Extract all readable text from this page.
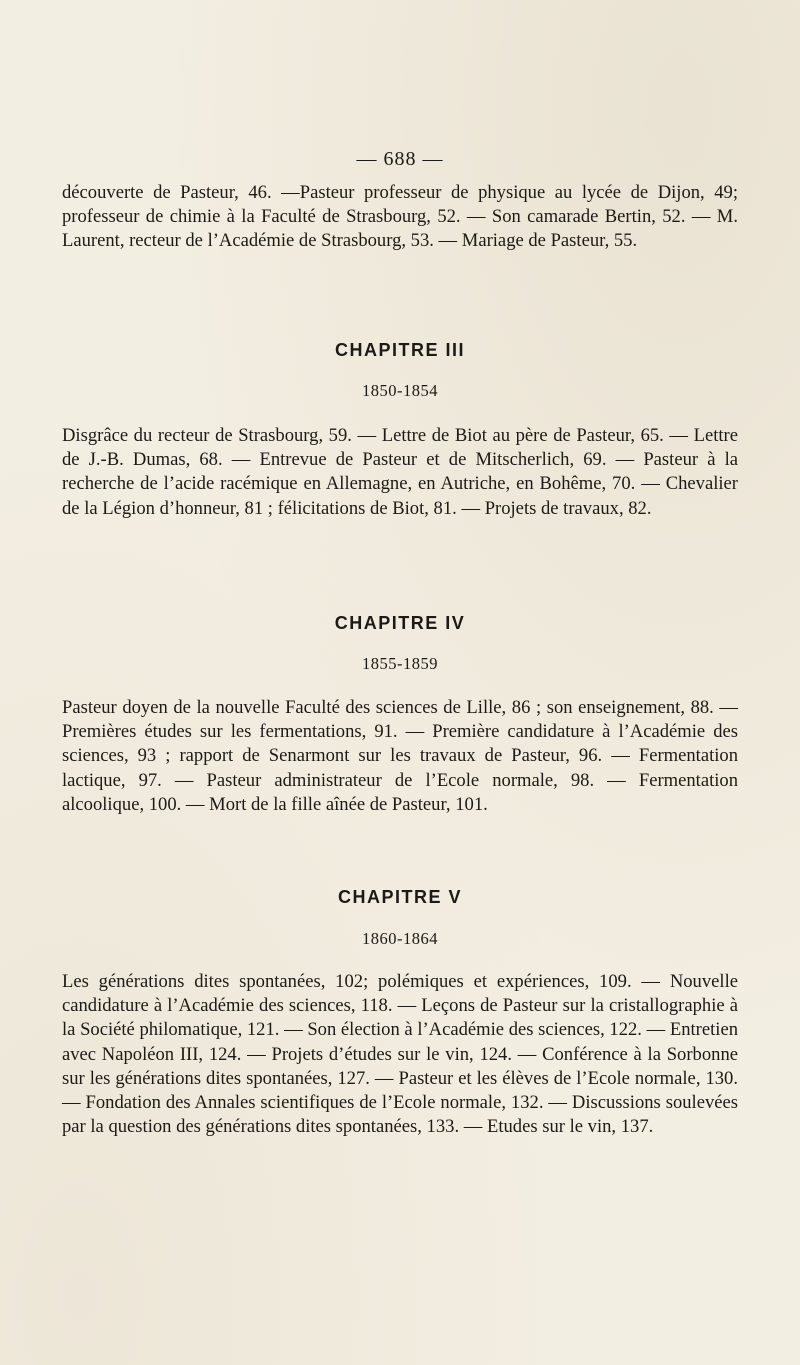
— 688 —

découverte de Pasteur, 46. —Pasteur professeur de physique au lycée de Dijon, 49; professeur de chimie à la Faculté de Strasbourg, 52. — Son camarade Bertin, 52. — M. Laurent, recteur de l’Académie de Strasbourg, 53. — Mariage de Pasteur, 55.

CHAPITRE III
1850-1854

Disgrâce du recteur de Strasbourg, 59. — Lettre de Biot au père de Pasteur, 65. — Lettre de J.-B. Dumas, 68. — Entrevue de Pasteur et de Mitscherlich, 69. — Pasteur à la recherche de l’acide racémique en Allemagne, en Autriche, en Bohême, 70. — Chevalier de la Légion d’honneur, 81 ; félicitations de Biot, 81. — Projets de travaux, 82.

CHAPITRE IV
1855-1859

Pasteur doyen de la nouvelle Faculté des sciences de Lille, 86 ; son enseignement, 88. — Premières études sur les fermentations, 91. — Première candidature à l’Académie des sciences, 93 ; rapport de Senarmont sur les travaux de Pasteur, 96. — Fermentation lactique, 97. — Pasteur administrateur de l’Ecole normale, 98. — Fermentation alcoolique, 100. — Mort de la fille aînée de Pasteur, 101.

CHAPITRE V
1860-1864

Les générations dites spontanées, 102; polémiques et expériences, 109. — Nouvelle candidature à l’Académie des sciences, 118. — Leçons de Pasteur sur la cristallographie à la Société philomatique, 121. — Son élection à l’Académie des sciences, 122. — Entretien avec Napoléon III, 124. — Projets d’études sur le vin, 124. — Conférence à la Sorbonne sur les générations dites spontanées, 127. — Pasteur et les élèves de l’Ecole normale, 130. — Fondation des Annales scientifiques de l’Ecole normale, 132. — Discussions soulevées par la question des générations dites spontanées, 133. — Etudes sur le vin, 137.
